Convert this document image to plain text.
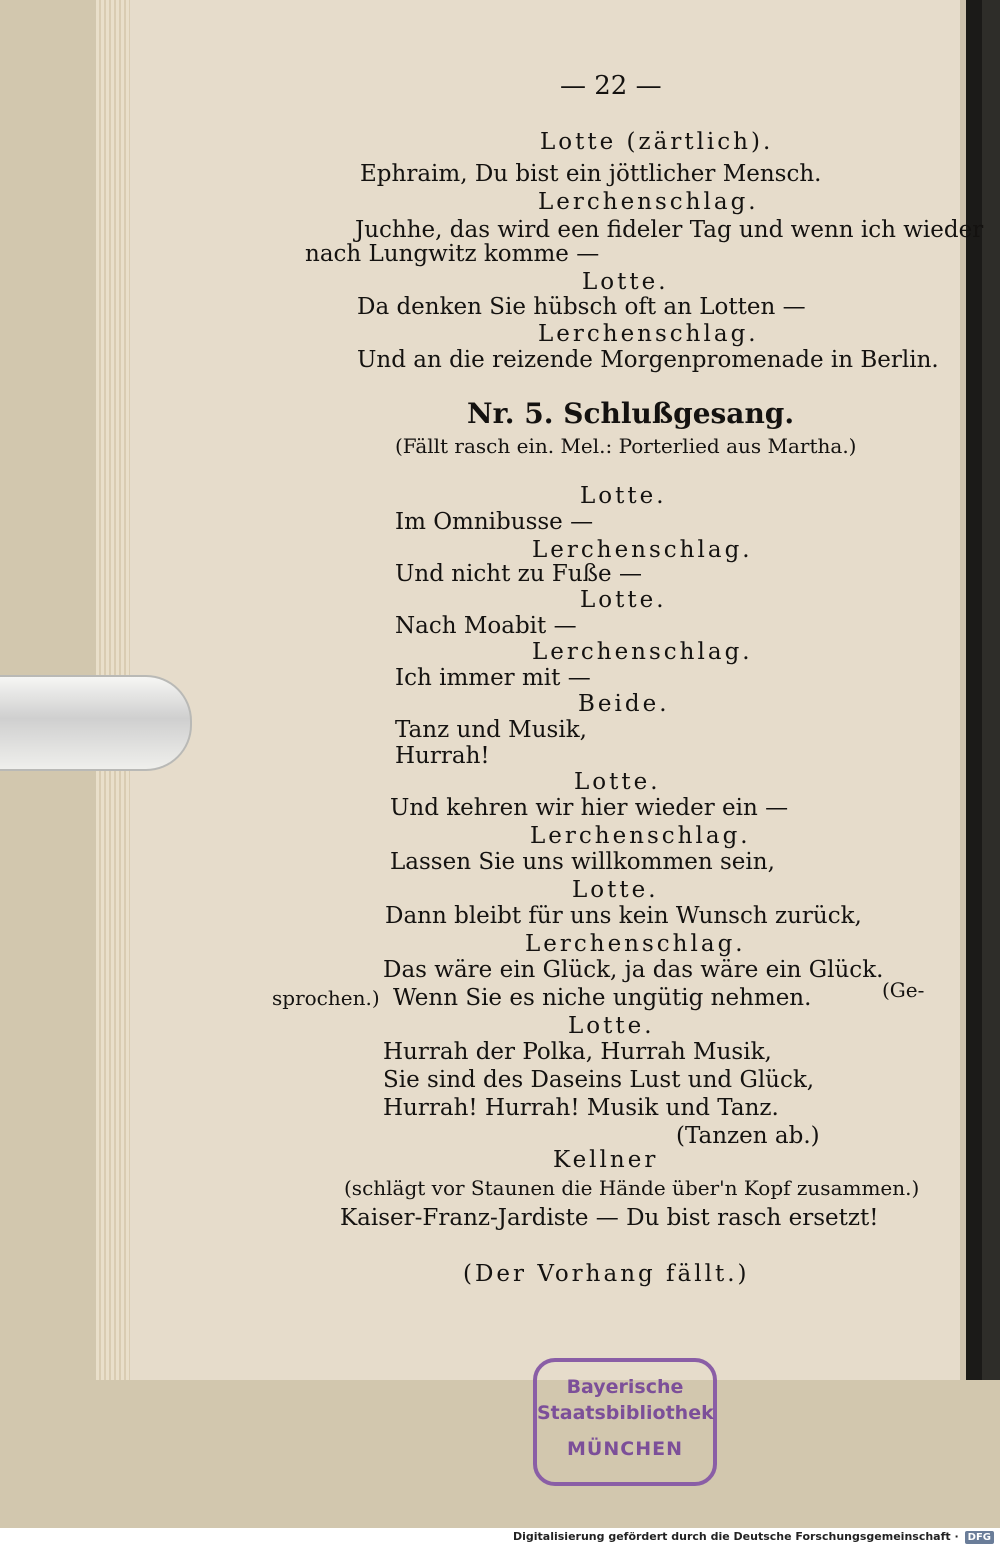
— 22 —
Lotte (zärtlich).
Ephraim, Du bist ein jöttlicher Mensch.
Lerchenschlag.
Juchhe, das wird een fideler Tag und wenn ich wieder
nach Lungwitz komme —
Lotte.
Da denken Sie hübsch oft an Lotten —
Lerchenschlag.
Und an die reizende Morgenpromenade in Berlin.
Nr. 5. Schlußgesang.
(Fällt rasch ein. Mel.: Porterlied aus Martha.)
Lotte.
Im Omnibusse —
Lerchenschlag.
Und nicht zu Fuße —
Lotte.
Nach Moabit —
Lerchenschlag.
Ich immer mit —
Beide.
Tanz und Musik,
Hurrah!
Lotte.
Und kehren wir hier wieder ein —
Lerchenschlag.
Lassen Sie uns willkommen sein,
Lotte.
Dann bleibt für uns kein Wunsch zurück,
Lerchenschlag.
Das wäre ein Glück, ja das wäre ein Glück.
(Ge-
sprochen.) Wenn Sie es niche ungütig nehmen.
Lotte.
Hurrah der Polka, Hurrah Musik,
Sie sind des Daseins Lust und Glück,
Hurrah! Hurrah! Musik und Tanz.
(Tanzen ab.)
Kellner
(schlägt vor Staunen die Hände über'n Kopf zusammen.)
Kaiser-Franz-Jardiste — Du bist rasch ersetzt!
(Der Vorhang fällt.)
Bayerische
Staatsbibliothek
MÜNCHEN
Digitalisierung gefördert durch die Deutsche Forschungsgemeinschaft · DFG
